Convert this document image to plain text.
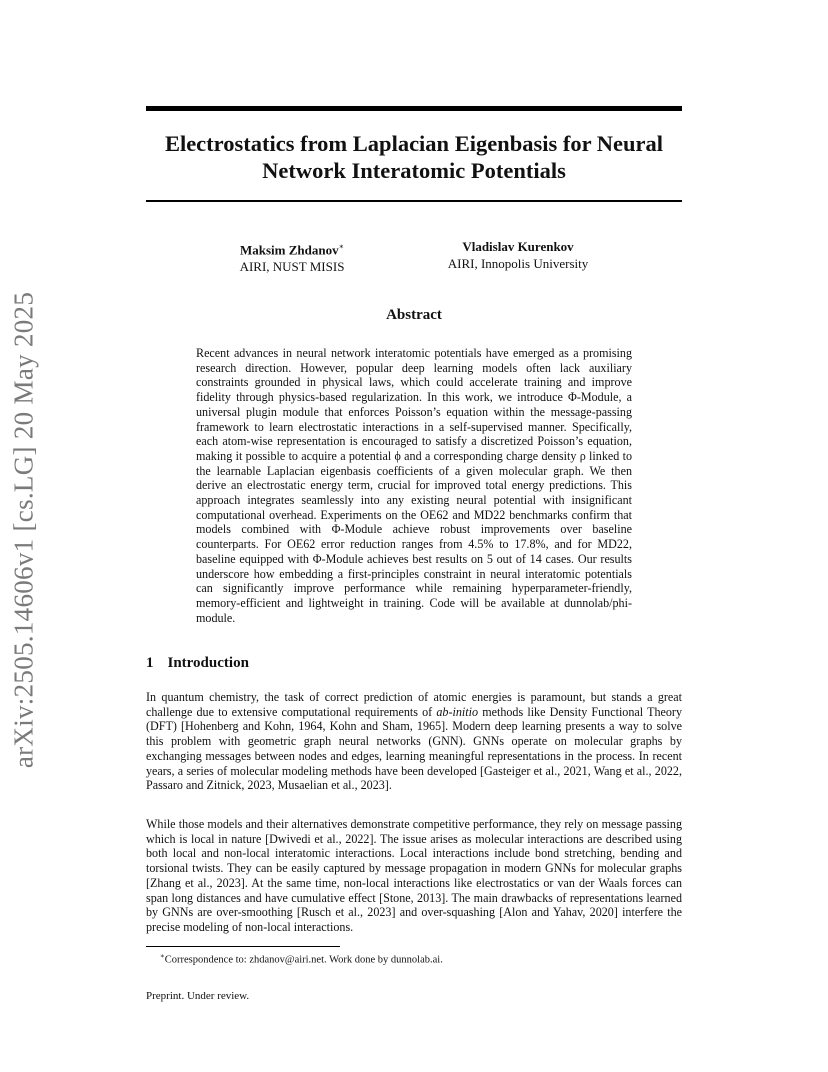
arXiv:2505.14606v1 [cs.LG] 20 May 2025
Electrostatics from Laplacian Eigenbasis for Neural Network Interatomic Potentials
Maksim Zhdanov∗
AIRI, NUST MISIS
Vladislav Kurenkov
AIRI, Innopolis University
Abstract

Recent advances in neural network interatomic potentials have emerged as a promising research direction. However, popular deep learning models often lack auxiliary constraints grounded in physical laws, which could accelerate training and improve fidelity through physics-based regularization. In this work, we introduce Φ-Module, a universal plugin module that enforces Poisson’s equation within the message-passing framework to learn electrostatic interactions in a self-supervised manner. Specifically, each atom-wise representation is encouraged to satisfy a discretized Poisson’s equation, making it possible to acquire a potential ϕ and a corresponding charge density ρ linked to the learnable Laplacian eigenbasis coefficients of a given molecular graph. We then derive an electrostatic energy term, crucial for improved total energy predictions. This approach integrates seamlessly into any existing neural potential with insignificant computational overhead. Experiments on the OE62 and MD22 benchmarks confirm that models combined with Φ-Module achieve robust improvements over baseline counterparts. For OE62 error reduction ranges from 4.5% to 17.8%, and for MD22, baseline equipped with Φ-Module achieves best results on 5 out of 14 cases. Our results underscore how embedding a first-principles constraint in neural interatomic potentials can significantly improve performance while remaining hyperparameter-friendly, memory-efficient and lightweight in training. Code will be available at dunnolab/phi-module.

1 Introduction

In quantum chemistry, the task of correct prediction of atomic energies is paramount, but stands a great challenge due to extensive computational requirements of ab-initio methods like Density Functional Theory (DFT) [Hohenberg and Kohn, 1964, Kohn and Sham, 1965]. Modern deep learning presents a way to solve this problem with geometric graph neural networks (GNN). GNNs operate on molecular graphs by exchanging messages between nodes and edges, learning meaningful representations in the process. In recent years, a series of molecular modeling methods have been developed [Gasteiger et al., 2021, Wang et al., 2022, Passaro and Zitnick, 2023, Musaelian et al., 2023].

While those models and their alternatives demonstrate competitive performance, they rely on message passing which is local in nature [Dwivedi et al., 2022]. The issue arises as molecular interactions are described using both local and non-local interatomic interactions. Local interactions include bond stretching, bending and torsional twists. They can be easily captured by message propagation in modern GNNs for molecular graphs [Zhang et al., 2023]. At the same time, non-local interactions like electrostatics or van der Waals forces can span long distances and have cumulative effect [Stone, 2013]. The main drawbacks of representations learned by GNNs are over-smoothing [Rusch et al., 2023] and over-squashing [Alon and Yahav, 2020] interfere the precise modeling of non-local interactions.

∗Correspondence to: zhdanov@airi.net. Work done by dunnolab.ai.

Preprint. Under review.
